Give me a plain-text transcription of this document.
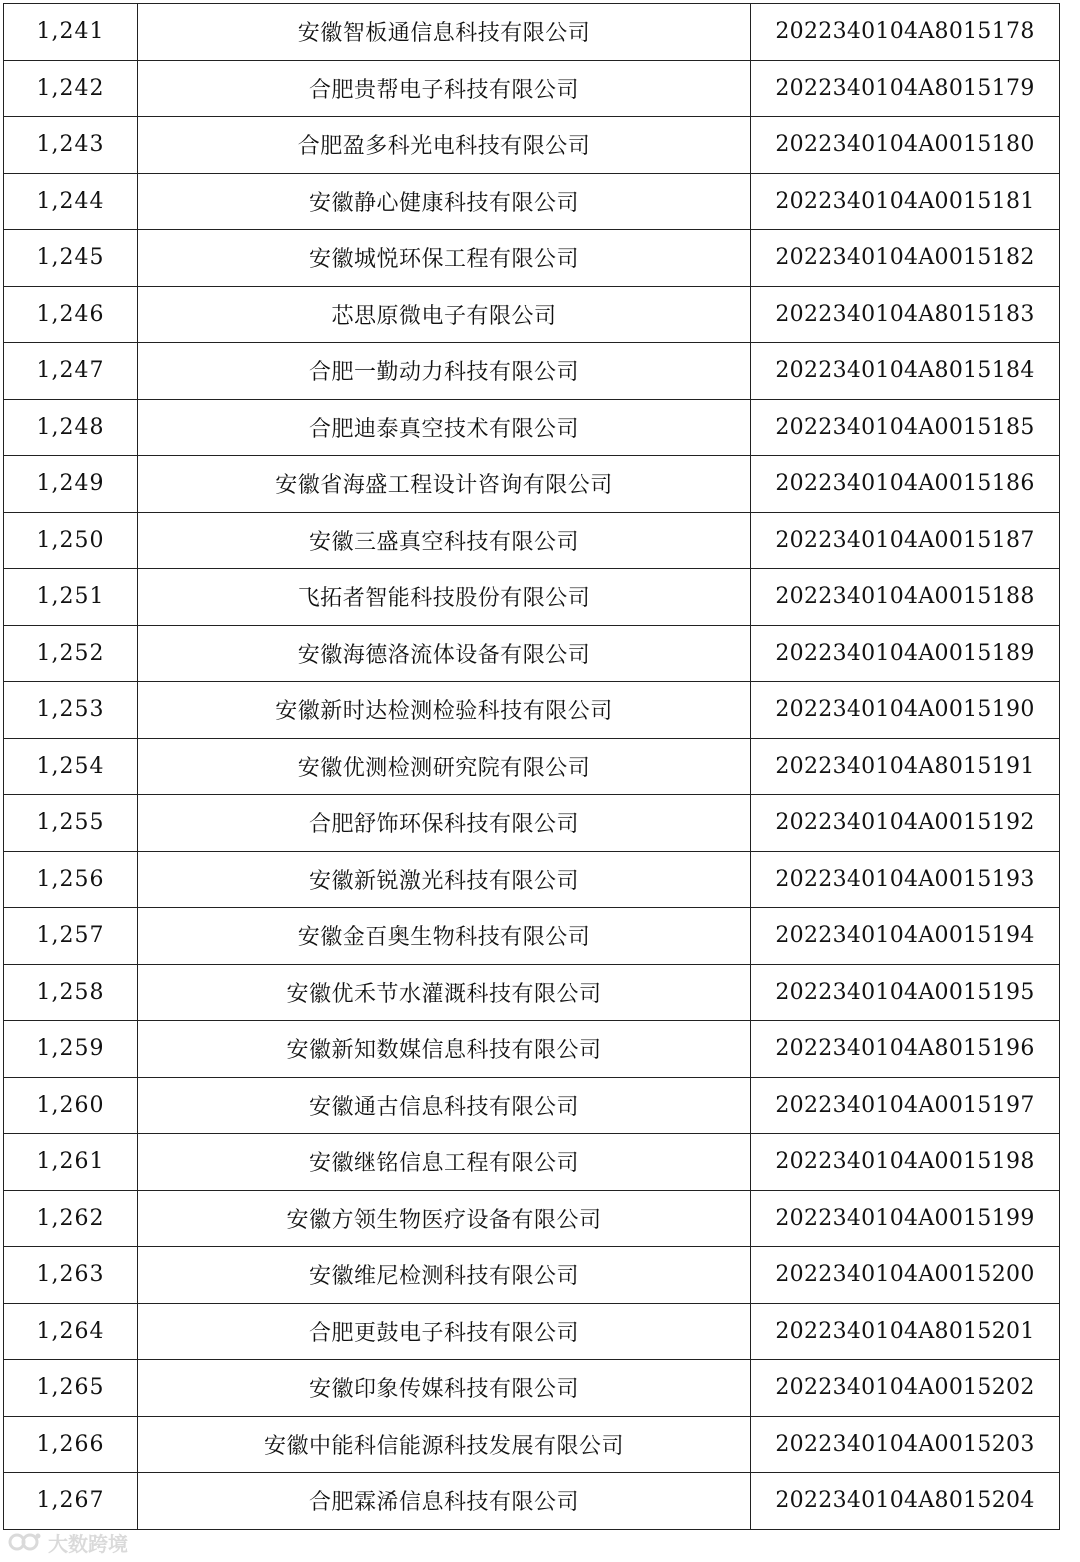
1,241	安徽智板通信息科技有限公司	2022340104A8015178
1,242	合肥贵帮电子科技有限公司	2022340104A8015179
1,243	合肥盈多科光电科技有限公司	2022340104A0015180
1,244	安徽静心健康科技有限公司	2022340104A0015181
1,245	安徽城悦环保工程有限公司	2022340104A0015182
1,246	芯思原微电子有限公司	2022340104A8015183
1,247	合肥一勤动力科技有限公司	2022340104A8015184
1,248	合肥迪泰真空技术有限公司	2022340104A0015185
1,249	安徽省海盛工程设计咨询有限公司	2022340104A0015186
1,250	安徽三盛真空科技有限公司	2022340104A0015187
1,251	飞拓者智能科技股份有限公司	2022340104A0015188
1,252	安徽海德洛流体设备有限公司	2022340104A0015189
1,253	安徽新时达检测检验科技有限公司	2022340104A0015190
1,254	安徽优测检测研究院有限公司	2022340104A8015191
1,255	合肥舒饰环保科技有限公司	2022340104A0015192
1,256	安徽新锐激光科技有限公司	2022340104A0015193
1,257	安徽金百奥生物科技有限公司	2022340104A0015194
1,258	安徽优禾节水灌溉科技有限公司	2022340104A0015195
1,259	安徽新知数媒信息科技有限公司	2022340104A8015196
1,260	安徽通古信息科技有限公司	2022340104A0015197
1,261	安徽继铭信息工程有限公司	2022340104A0015198
1,262	安徽方领生物医疗设备有限公司	2022340104A0015199
1,263	安徽维尼检测科技有限公司	2022340104A0015200
1,264	合肥更鼓电子科技有限公司	2022340104A8015201
1,265	安徽印象传媒科技有限公司	2022340104A0015202
1,266	安徽中能科信能源科技发展有限公司	2022340104A0015203
1,267	合肥霖浠信息科技有限公司	2022340104A8015204
大数跨境
